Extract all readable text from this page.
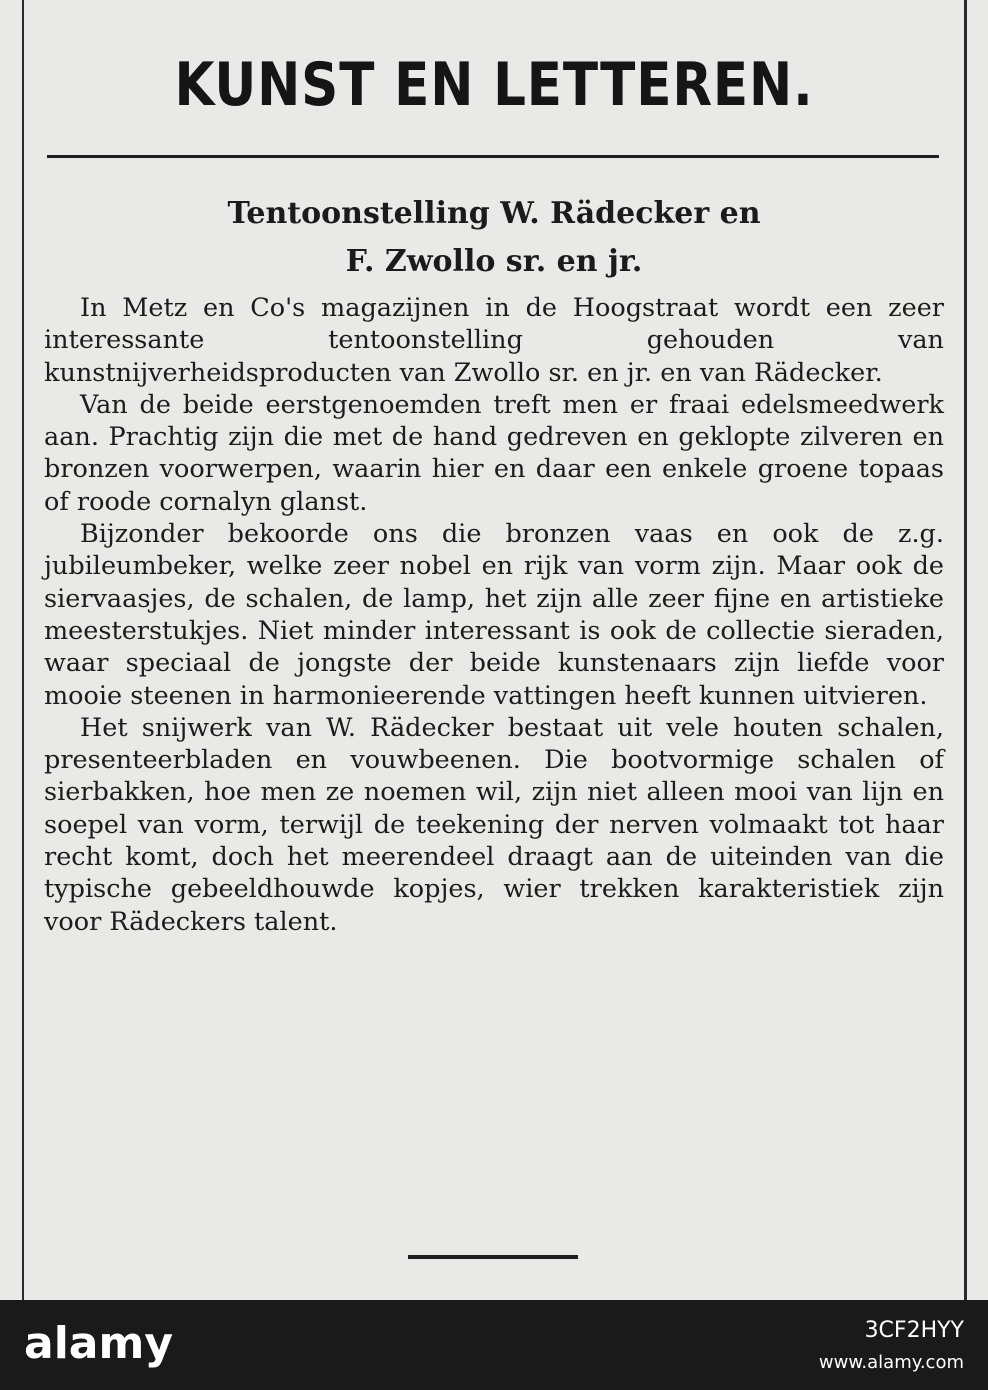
KUNST EN LETTEREN.
Tentoonstelling W. Rädecker en
F. Zwollo sr. en jr.

In Metz en Co's magazijnen in de Hoogstraat wordt een zeer interessante tentoonstelling gehouden van kunstnijverheidsproducten van Zwollo sr. en jr. en van Rädecker.

Van de beide eerstgenoemden treft men er fraai edelsmeedwerk aan. Prachtig zijn die met de hand gedreven en geklopte zilveren en bronzen voorwerpen, waarin hier en daar een enkele groene topaas of roode cornalyn glanst.

Bijzonder bekoorde ons die bronzen vaas en ook de z.g. jubileumbeker, welke zeer nobel en rijk van vorm zijn. Maar ook de siervaasjes, de schalen, de lamp, het zijn alle zeer fijne en artistieke meesterstukjes. Niet minder interessant is ook de collectie sieraden, waar speciaal de jongste der beide kunstenaars zijn liefde voor mooie steenen in harmonieerende vattingen heeft kunnen uitvieren.

Het snijwerk van W. Rädecker bestaat uit vele houten schalen, presenteerbladen en vouwbeenen. Die bootvormige schalen of sierbakken, hoe men ze noemen wil, zijn niet alleen mooi van lijn en soepel van vorm, terwijl de teekening der nerven volmaakt tot haar recht komt, doch het meerendeel draagt aan de uiteinden van die typische gebeeldhouwde kopjes, wier trekken karakteristiek zijn voor Rädeckers talent.

alamy	3CF2HYY
www.alamy.com
